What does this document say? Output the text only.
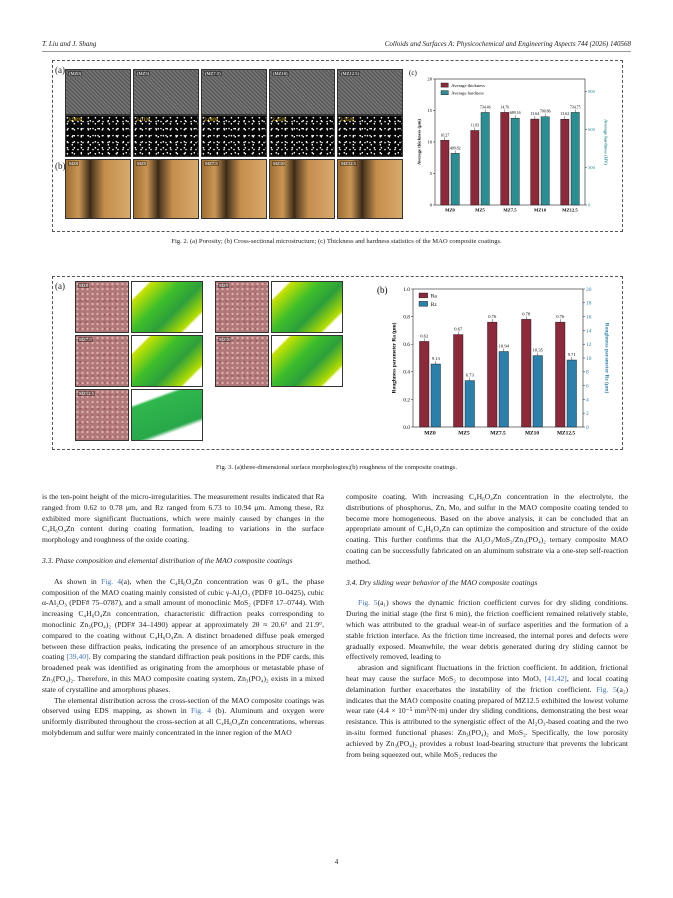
T. Liu and J. Shang	Colloids and Surfaces A: Physicochemical and Engineering Aspects 744 (2026) 140568
(a)
(b)
(c)
0
5
10
15
20
0
300
600
900
MZ0
10.27
409.82
MZ5
11.83
734.46
MZ7.5
14.70
689.16
MZ10
13.64
700.86
MZ12.5
13.62
734.75
Average thickness (μm)	Average hardness (HV)
Average thickness
Average hardness
(MZ0)
3.98%
MZ0
(MZ5)
3.01%
MZ5
(MZ7.5)
2.68%
MZ7.5
(MZ10)
2.45%
MZ10
(MZ12.5)
2.55%
MZ12.5
Fig. 2. (a) Porosity; (b) Cross-sectional microstructure; (c) Thickness and hardness statistics of the MAO composite coatings.
(a)	(b)
0.0
0.2
0.4
0.6
0.8
1.0
0
2
4
6
8
10
12
14
16
18
20
MZ0
0.62
9.13
MZ5
0.67
6.73
MZ7.5
0.76
10.94
MZ10
0.78
10.35
MZ12.5
0.76
9.71
Roughness parameter Ra (μm)	Roughness parameter Rz (μm)
Ra
Rz
MZ0	MZ5
MZ7.5	MZ10
MZ12.5
Fig. 3. (a)three-dimensional surface morphologies;(b) roughness of the composite coatings.

is the ten-point height of the micro-irregularities. The measurement results indicated that Ra ranged from 0.62 to 0.78 μm, and Rz ranged from 6.73 to 10.94 μm. Among these, Rz exhibited more significant fluctuations, which were mainly caused by changes in the C₄H₆O₄Zn content during coating formation, leading to variations in the surface morphology and roughness of the oxide coating.

3.3. Phase composition and elemental distribution of the MAO composite coatings

As shown in Fig. 4(a), when the C₄H₆O₄Zn concentration was 0 g/L, the phase composition of the MAO coating mainly consisted of cubic γ-Al₂O₃ (PDF# 10–0425), cubic α-Al₂O₃ (PDF# 75–0787), and a small amount of monoclinic MoS₂ (PDF# 17–0744). With increasing C₄H₆O₄Zn concentration, characteristic diffraction peaks corresponding to monoclinic Zn₃(PO₄)₂ (PDF# 34–1490) appear at approximately 2θ ≈ 20.6° and 21.9°, compared to the coating without C₄H₆O₄Zn. A distinct broadened diffuse peak emerged between these diffraction peaks, indicating the presence of an amorphous structure in the coating [39,40]. By comparing the standard diffraction peak positions in the PDF cards, this broadened peak was identified as originating from the amorphous or metastable phase of Zn₃(PO₄)₂. Therefore, in this MAO composite coating system, Zn₃(PO₄)₂ exists in a mixed state of crystalline and amorphous phases.

The elemental distribution across the cross-section of the MAO composite coatings was observed using EDS mapping, as shown in Fig. 4 (b). Aluminum and oxygen were uniformly distributed throughout the cross-section at all C₄H₆O₄Zn concentrations, whereas molybdenum and sulfur were mainly concentrated in the inner region of the MAO

composite coating. With increasing C₄H₆O₄Zn concentration in the electrolyte, the distributions of phosphorus, Zn, Mo, and sulfur in the MAO composite coating tended to become more homogeneous. Based on the above analysis, it can be concluded that an appropriate amount of C₄H₆O₄Zn can optimize the composition and structure of the oxide coating. This further confirms that the Al₂O₃/MoS₂/Zn₃(PO₄)₂ ternary composite MAO coating can be successfully fabricated on an aluminum substrate via a one-step self-reaction method.

3.4. Dry sliding wear behavior of the MAO composite coatings

Fig. 5(a₁) shows the dynamic friction coefficient curves for dry sliding conditions. During the initial stage (the first 6 min), the friction coefficient remained relatively stable, which was attributed to the gradual wear-in of surface asperities and the formation of a stable friction interface. As the friction time increased, the internal pores and defects were gradually exposed. Meanwhile, the wear debris generated during dry sliding cannot be effectively removed, leading to

abrasion and significant fluctuations in the friction coefficient. In addition, frictional heat may cause the surface MoS₂ to decompose into MoOₓ [41,42], and local coating delamination further exacerbates the instability of the friction coefficient. Fig. 5(a₂) indicates that the MAO composite coating prepared of MZ12.5 exhibited the lowest volume wear rate (4.4 × 10⁻⁵ mm³/N·m) under dry sliding conditions, demonstrating the best wear resistance. This is attributed to the synergistic effect of the Al₂O₃-based coating and the two in-situ formed functional phases: Zn₃(PO₄)₂ and MoS₂. Specifically, the low porosity achieved by Zn₃(PO₄)₂ provides a robust load-bearing structure that prevents the lubricant from being squeezed out, while MoS₂ reduces the

4
